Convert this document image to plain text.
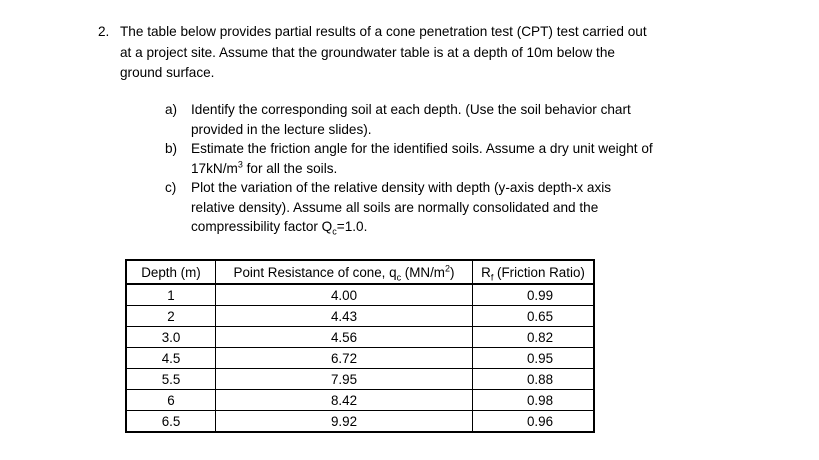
2. The table below provides partial results of a cone penetration test (CPT) test carried out at a project site. Assume that the groundwater table is at a depth of 10m below the ground surface.
a) Identify the corresponding soil at each depth. (Use the soil behavior chart provided in the lecture slides).
b) Estimate the friction angle for the identified soils. Assume a dry unit weight of $17kN/m^3$ for all the soils.
c) Plot the variation of the relative density with depth (y-axis depth-x axis relative density). Assume all soils are normally consolidated and the compressibility factor $Q_c=1.0$.
Depth (m)	Point Resistance of cone, $q_c$ $(MN/m^2)$	$R_f$ (Friction Ratio)
1	4.00	0.99
2	4.43	0.65
3.0	4.56	0.82
4.5	6.72	0.95
5.5	7.95	0.88
6	8.42	0.98
6.5	9.92	0.96
